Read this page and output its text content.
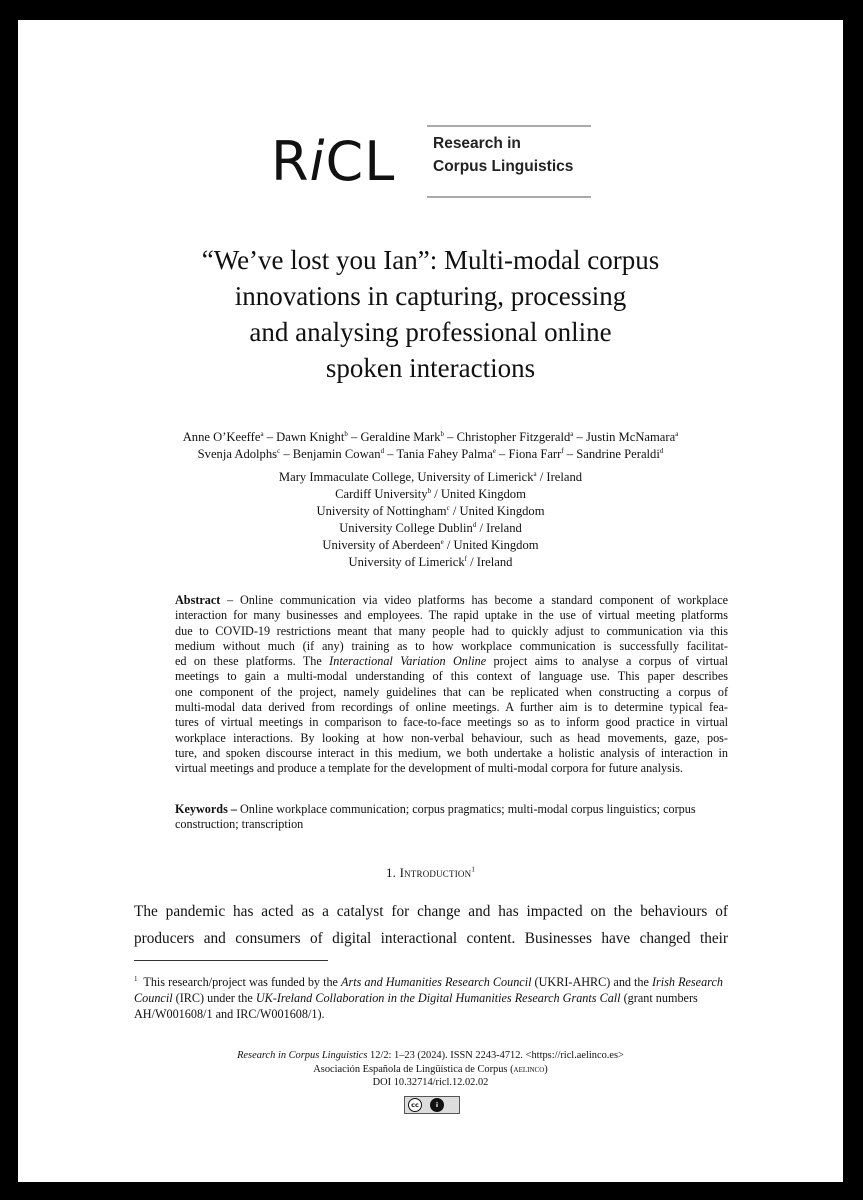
RiCL Research in
Corpus Linguistics
“We’ve lost you Ian”: Multi-modal corpus
innovations in capturing, processing
and analysing professional online
spoken interactions
Anne O’Keeffe$^a$ – Dawn Knight$^b$ – Geraldine Mark$^b$ – Christopher Fitzgerald$^a$ – Justin McNamara$^a$
Svenja Adolphs$^c$ – Benjamin Cowan$^d$ – Tania Fahey Palma$^e$ – Fiona Farr$^f$ – Sandrine Peraldi$^d$
Mary Immaculate College, University of Limerick$^a$ / Ireland
Cardiff University$^b$ / United Kingdom
University of Nottingham$^c$ / United Kingdom
University College Dublin$^d$ / Ireland
University of Aberdeen$^e$ / United Kingdom
University of Limerick$^f$ / Ireland
Abstract – Online communication via video platforms has become a standard component of workplace
interaction for many businesses and employees. The rapid uptake in the use of virtual meeting platforms
due to COVID-19 restrictions meant that many people had to quickly adjust to communication via this
medium without much (if any) training as to how workplace communication is successfully facilitat-
ed on these platforms. The Interactional Variation Online project aims to analyse a corpus of virtual
meetings to gain a multi-modal understanding of this context of language use. This paper describes
one component of the project, namely guidelines that can be replicated when constructing a corpus of
multi-modal data derived from recordings of online meetings. A further aim is to determine typical fea-
tures of virtual meetings in comparison to face-to-face meetings so as to inform good practice in virtual
workplace interactions. By looking at how non-verbal behaviour, such as head movements, gaze, pos-
ture, and spoken discourse interact in this medium, we both undertake a holistic analysis of interaction in
virtual meetings and produce a template for the development of multi-modal corpora for future analysis.
Keywords – Online workplace communication; corpus pragmatics; multi-modal corpus linguistics; corpus construction; transcription
1. Introduction$^1$
The pandemic has acted as a catalyst for change and has impacted on the behaviours of
producers and consumers of digital interactional content. Businesses have changed their
$^1$ This research/project was funded by the Arts and Humanities Research Council (UKRI-AHRC) and the Irish Research Council (IRC) under the UK-Ireland Collaboration in the Digital Humanities Research Grants Call (grant numbers AH/W001608/1 and IRC/W001608/1).
Research in Corpus Linguistics 12/2: 1–23 (2024). ISSN 2243-4712. <https://ricl.aelinco.es>
Asociación Española de Lingüística de Corpus (aelinco)
DOI 10.32714/ricl.12.02.02
cc	i
